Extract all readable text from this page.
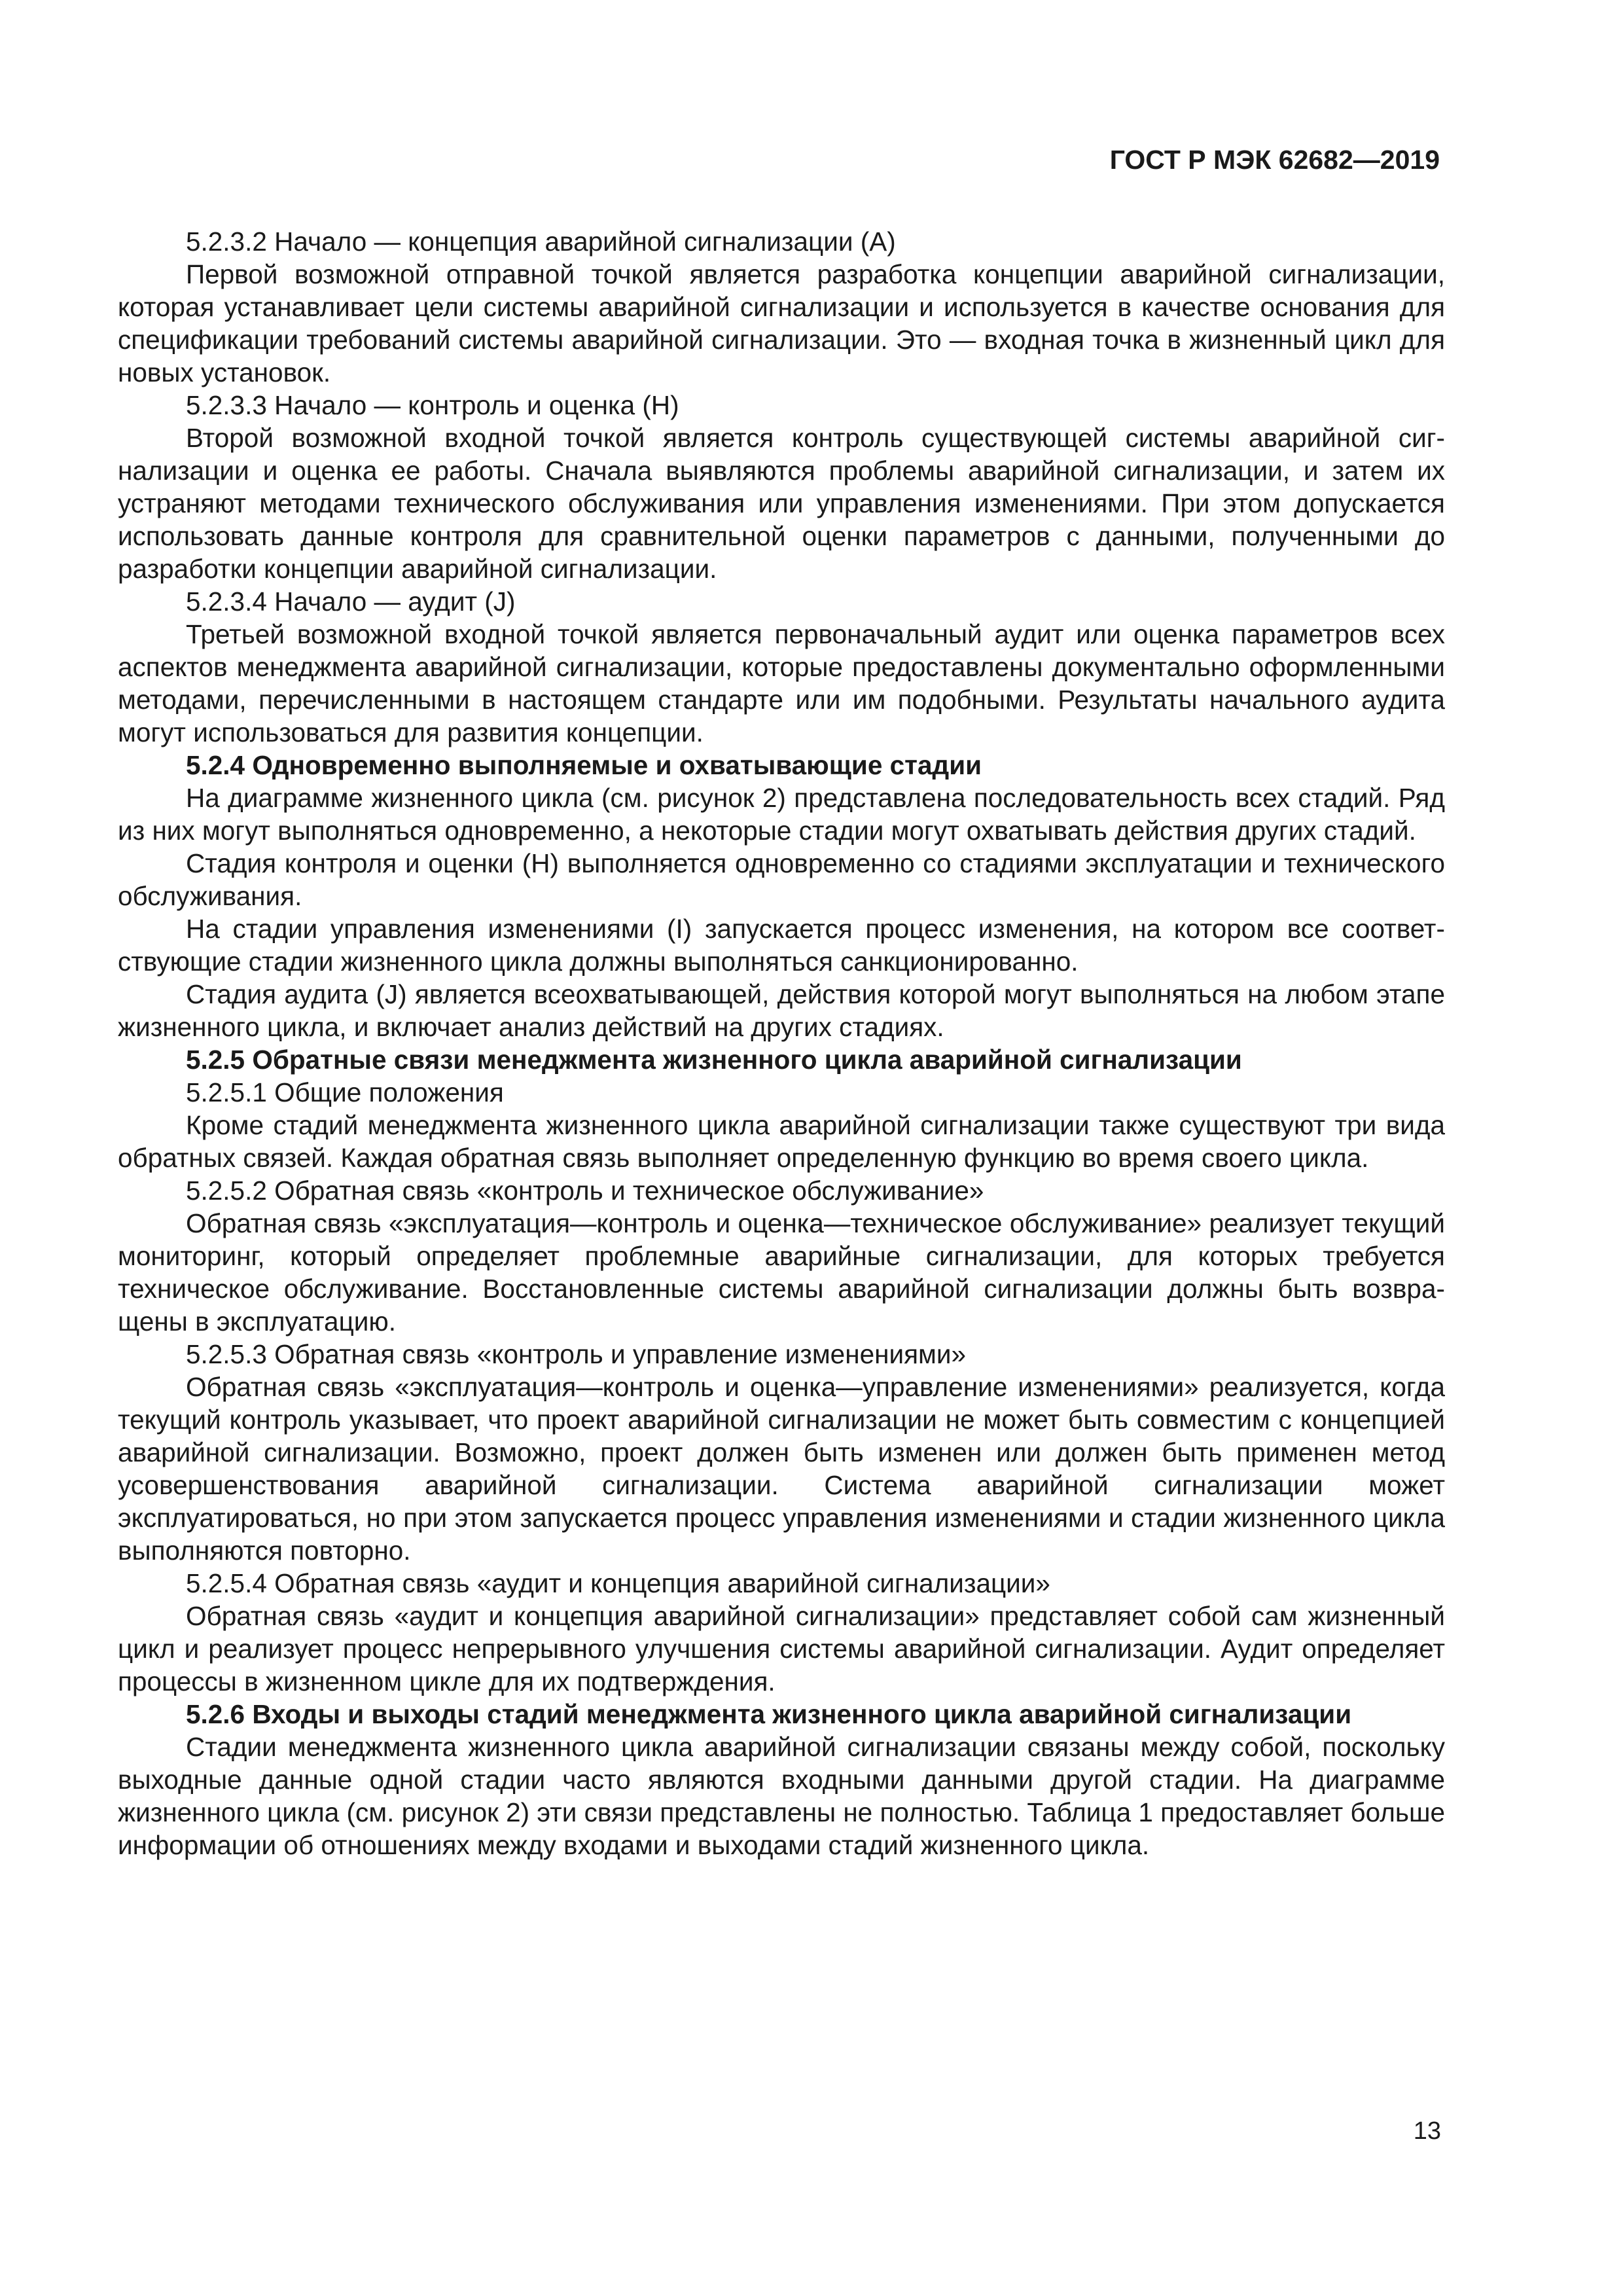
ГОСТ Р МЭК 62682—2019

5.2.3.2 Начало — концепция аварийной сигнализации (А)

Первой возможной отправной точкой является разработка концепции аварийной сигнализации, которая устанавливает цели системы аварийной сигнализации и используется в качестве основания для спецификации требований системы аварийной сигнализации. Это — входная точка в жизненный цикл для новых установок.

5.2.3.3 Начало — контроль и оценка (Н)

Второй возможной входной точкой является контроль существующей системы аварийной сигнализации и оценка ее работы. Сначала выявляются проблемы аварийной сигнализации, и затем их устраняют методами технического обслуживания или управления изменениями. При этом допускается использовать данные контроля для сравнительной оценки параметров с данными, полученными до разработки концепции аварийной сигнализации.

5.2.3.4 Начало — аудит (J)

Третьей возможной входной точкой является первоначальный аудит или оценка параметров всех аспектов менеджмента аварийной сигнализации, которые предоставлены документально оформленными методами, перечисленными в настоящем стандарте или им подобными. Результаты начального аудита могут использоваться для развития концепции.

5.2.4 Одновременно выполняемые и охватывающие стадии

На диаграмме жизненного цикла (см. рисунок 2) представлена последовательность всех стадий. Ряд из них могут выполняться одновременно, а некоторые стадии могут охватывать действия других стадий.

Стадия контроля и оценки (Н) выполняется одновременно со стадиями эксплуатации и технического обслуживания.

На стадии управления изменениями (I) запускается процесс изменения, на котором все соответствующие стадии жизненного цикла должны выполняться санкционированно.

Стадия аудита (J) является всеохватывающей, действия которой могут выполняться на любом этапе жизненного цикла, и включает анализ действий на других стадиях.

5.2.5 Обратные связи менеджмента жизненного цикла аварийной сигнализации

5.2.5.1 Общие положения

Кроме стадий менеджмента жизненного цикла аварийной сигнализации также существуют три вида обратных связей. Каждая обратная связь выполняет определенную функцию во время своего цикла.

5.2.5.2 Обратная связь «контроль и техническое обслуживание»

Обратная связь «эксплуатация—контроль и оценка—техническое обслуживание» реализует текущий мониторинг, который определяет проблемные аварийные сигнализации, для которых требуется техническое обслуживание. Восстановленные системы аварийной сигнализации должны быть возвращены в эксплуатацию.

5.2.5.3 Обратная связь «контроль и управление изменениями»

Обратная связь «эксплуатация—контроль и оценка—управление изменениями» реализуется, когда текущий контроль указывает, что проект аварийной сигнализации не может быть совместим с концепцией аварийной сигнализации. Возможно, проект должен быть изменен или должен быть применен метод усовершенствования аварийной сигнализации. Система аварийной сигнализации может эксплуатироваться, но при этом запускается процесс управления изменениями и стадии жизненного цикла выполняются повторно.

5.2.5.4 Обратная связь «аудит и концепция аварийной сигнализации»

Обратная связь «аудит и концепция аварийной сигнализации» представляет собой сам жизненный цикл и реализует процесс непрерывного улучшения системы аварийной сигнализации. Аудит определяет процессы в жизненном цикле для их подтверждения.

5.2.6 Входы и выходы стадий менеджмента жизненного цикла аварийной сигнализации

Стадии менеджмента жизненного цикла аварийной сигнализации связаны между собой, поскольку выходные данные одной стадии часто являются входными данными другой стадии. На диаграмме жизненного цикла (см. рисунок 2) эти связи представлены не полностью. Таблица 1 предоставляет больше информации об отношениях между входами и выходами стадий жизненного цикла.

13
